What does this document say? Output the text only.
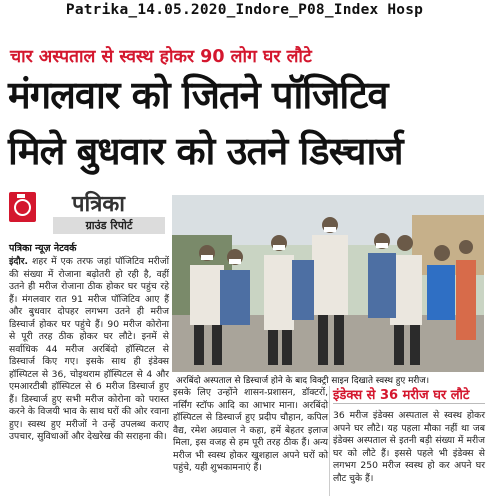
Patrika_14.05.2020_Indore_P08_Index Hosp
चार अस्पताल से स्वस्थ होकर 90 लोग घर लौटे
मंगलवार को जितने पॉजिटिव
मिले बुधवार को उतने डिस्चार्ज
पत्रिका
ग्राउंड रिपोर्ट
पत्रिका न्यूज़ नेटवर्क
इंदौर. शहर में एक तरफ जहां पॉजिटिव मरीजों की संख्या में रोजाना बढ़ोतरी हो रही है, वहीं उतने ही मरीज रोजाना ठीक होकर घर पहुंच रहे हैं। मंगलवार रात 91 मरीज पॉजिटिव आए हैं और बुधवार दोपहर लगभग उतने ही मरीज डिस्चार्ज होकर घर पहुंचे हैं। 90 मरीज कोरोना से पूरी तरह ठीक होकर घर लौटे। इनमें से सर्वाधिक 44 मरीज अरबिंदो हॉस्पिटल से डिस्चार्ज किए गए। इसके साथ ही इंडेक्स हॉस्पिटल से 36, चोइथराम हॉस्पिटल से 4 और एमआरटीबी हॉस्पिटल से 6 मरीज डिस्चार्ज हुए हैं। डिस्चार्ज हुए सभी मरीज कोरोना को परास्त करने के विजयी भाव के साथ घरों की ओर रवाना हुए। स्वस्थ हुए मरीजों ने उन्हें उपलब्ध कराए उपचार, सुविधाओं और देखरेख की सराहना की।
अरबिंदो अस्पताल से डिस्चार्ज होने के बाद विक्ट्री साइन दिखाते स्वस्थ हुए मरीज।
इसके लिए उन्होंने शासन-प्रशासन, डॉक्टरों, नर्सिंग स्टॉफ आदि का आभार माना। अरबिंदो हॉस्पिटल से डिस्चार्ज हुए प्रदीप चौहान, कपिल वैद्य, रमेश अग्रवाल ने कहा, हमें बेहतर इलाज मिला, इस वजह से हम पूरी तरह ठीक हैं। अन्य मरीज भी स्वस्थ होकर खुशहाल अपने घरों को पहुंचे, यही शुभकामनाएं हैं।
इंडेक्स से 36 मरीज घर लौटे
36 मरीज इंडेक्स अस्पताल से स्वस्थ होकर अपने घर लौटे। यह पहला मौका नहीं था जब इंडेक्स अस्पताल से इतनी बड़ी संख्या में मरीज घर को लौटे हैं। इससे पहले भी इंडेक्स से लगभग 250 मरीज स्वस्थ हो कर अपने घर लौट चुके हैं।
